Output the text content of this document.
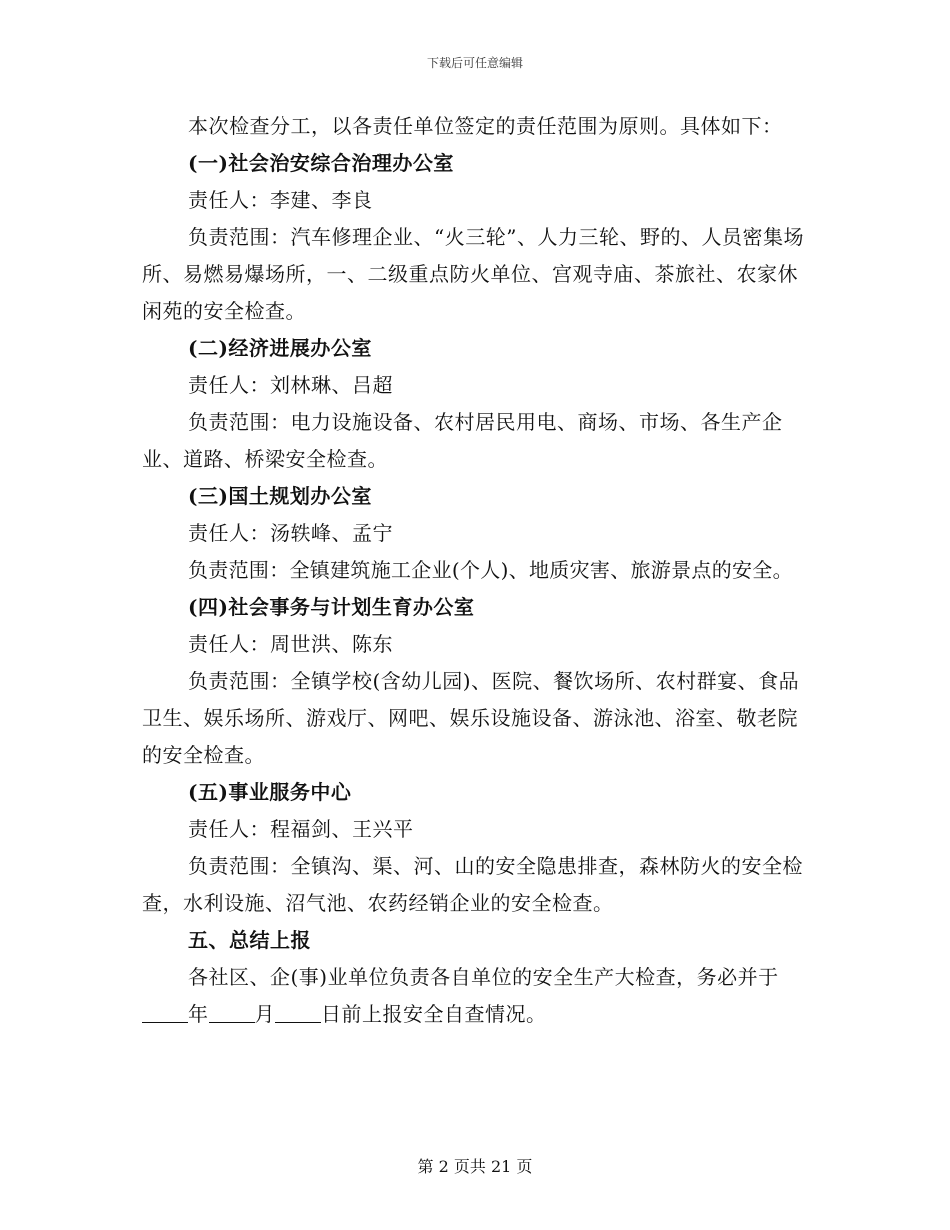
下载后可任意编辑

本次检查分工，以各责任单位签定的责任范围为原则。具体如下：

(一)社会治安综合治理办公室

责任人：李建、李良

负责范围：汽车修理企业、“火三轮”、人力三轮、野的、人员密集场所、易燃易爆场所，一、二级重点防火单位、宫观寺庙、茶旅社、农家休闲苑的安全检查。

(二)经济进展办公室

责任人：刘林琳、吕超

负责范围：电力设施设备、农村居民用电、商场、市场、各生产企业、道路、桥梁安全检查。

(三)国土规划办公室

责任人：汤轶峰、孟宁

负责范围：全镇建筑施工企业(个人)、地质灾害、旅游景点的安全。

(四)社会事务与计划生育办公室

责任人：周世洪、陈东

负责范围：全镇学校(含幼儿园)、医院、餐饮场所、农村群宴、食品卫生、娱乐场所、游戏厅、网吧、娱乐设施设备、游泳池、浴室、敬老院的安全检查。

(五)事业服务中心

责任人：程福剑、王兴平

负责范围：全镇沟、渠、河、山的安全隐患排查，森林防火的安全检查，水利设施、沼气池、农药经销企业的安全检查。

五、总结上报

各社区、企(事)业单位负责各自单位的安全生产大检查，务必并于年 月 日前上报安全自查情况。

第 2 页共 21 页
